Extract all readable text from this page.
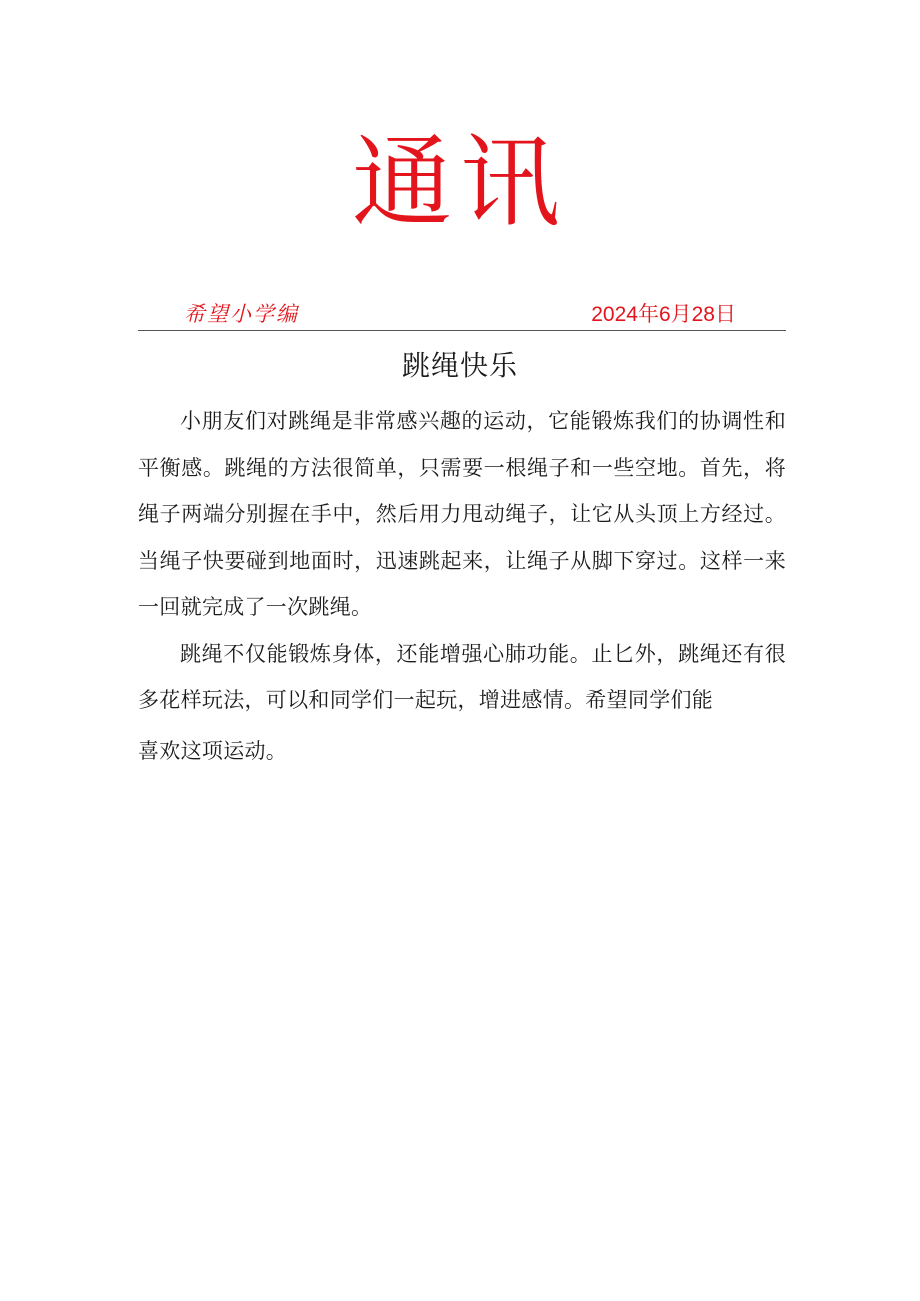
通讯
希望小学编	2024年6月28日
跳绳快乐

小朋友们对跳绳是非常感兴趣的运动，它能锻炼我们的协调性和平衡感。跳绳的方法很简单，只需要一根绳子和一些空地。首先，将绳子两端分别握在手中，然后用力甩动绳子，让它从头顶上方经过。当绳子快要碰到地面时，迅速跳起来，让绳子从脚下穿过。这样一来一回就完成了一次跳绳。

跳绳不仅能锻炼身体，还能增强心肺功能。止匕外，跳绳还有很多花样玩法，可以和同学们一起玩，增进感情。希望同学们能

喜欢这项运动。
